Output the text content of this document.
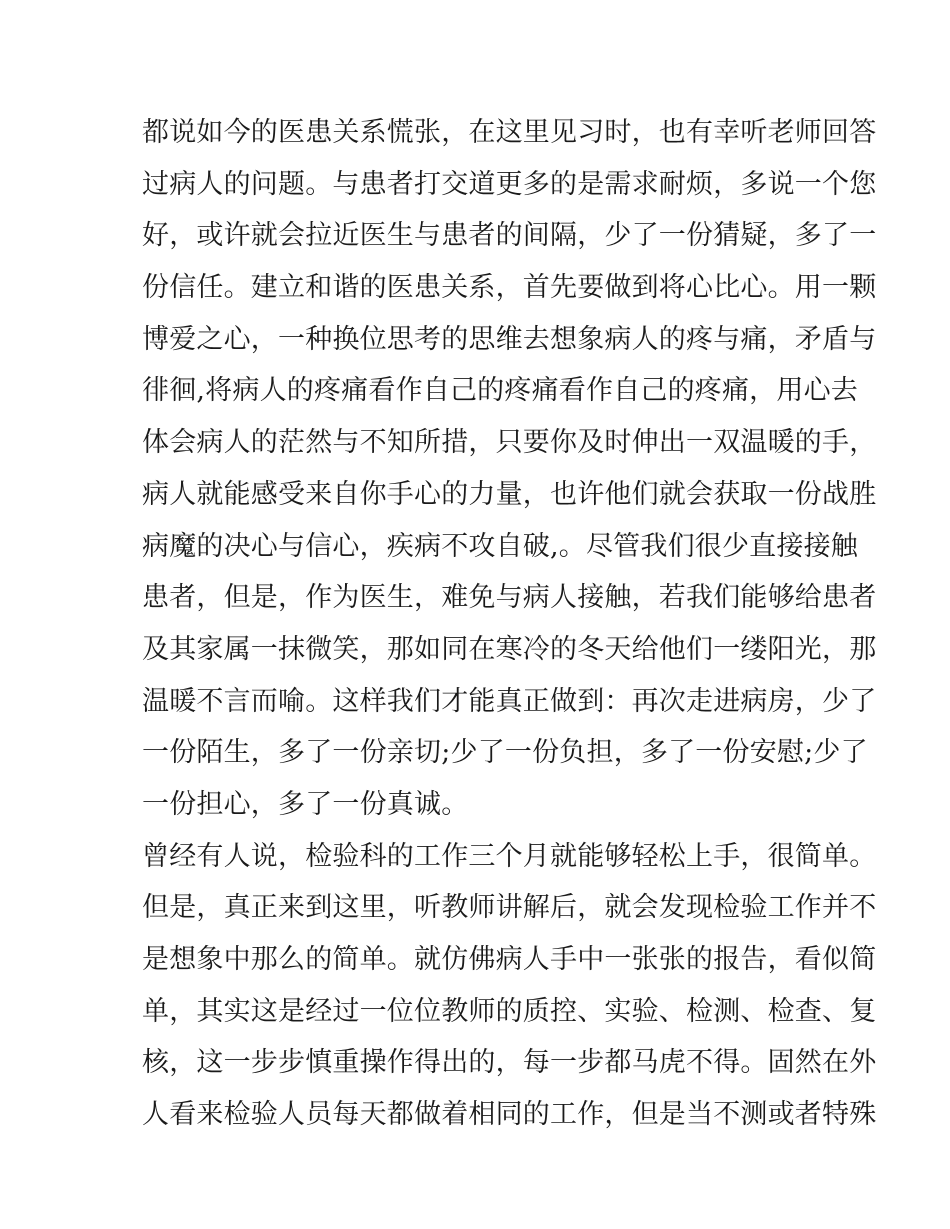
都说如今的医患关系慌张，在这里见习时，也有幸听老师回答
过病人的问题。与患者打交道更多的是需求耐烦，多说一个您
好，或许就会拉近医生与患者的间隔，少了一份猜疑，多了一
份信任。建立和谐的医患关系，首先要做到将心比心。用一颗
博爱之心，一种换位思考的思维去想象病人的疼与痛，矛盾与
徘徊,将病人的疼痛看作自己的疼痛看作自己的疼痛，用心去
体会病人的茫然与不知所措，只要你及时伸出一双温暖的手，
病人就能感受来自你手心的力量，也许他们就会获取一份战胜
病魔的决心与信心，疾病不攻自破,。尽管我们很少直接接触
患者，但是，作为医生，难免与病人接触，若我们能够给患者
及其家属一抹微笑，那如同在寒冷的冬天给他们一缕阳光，那
温暖不言而喻。这样我们才能真正做到：再次走进病房，少了
一份陌生，多了一份亲切;少了一份负担，多了一份安慰;少了
一份担心，多了一份真诚。
曾经有人说，检验科的工作三个月就能够轻松上手，很简单。
但是，真正来到这里，听教师讲解后，就会发现检验工作并不
是想象中那么的简单。就仿佛病人手中一张张的报告，看似简
单，其实这是经过一位位教师的质控、实验、检测、检查、复
核，这一步步慎重操作得出的，每一步都马虎不得。固然在外
人看来检验人员每天都做着相同的工作，但是当不测或者特殊
